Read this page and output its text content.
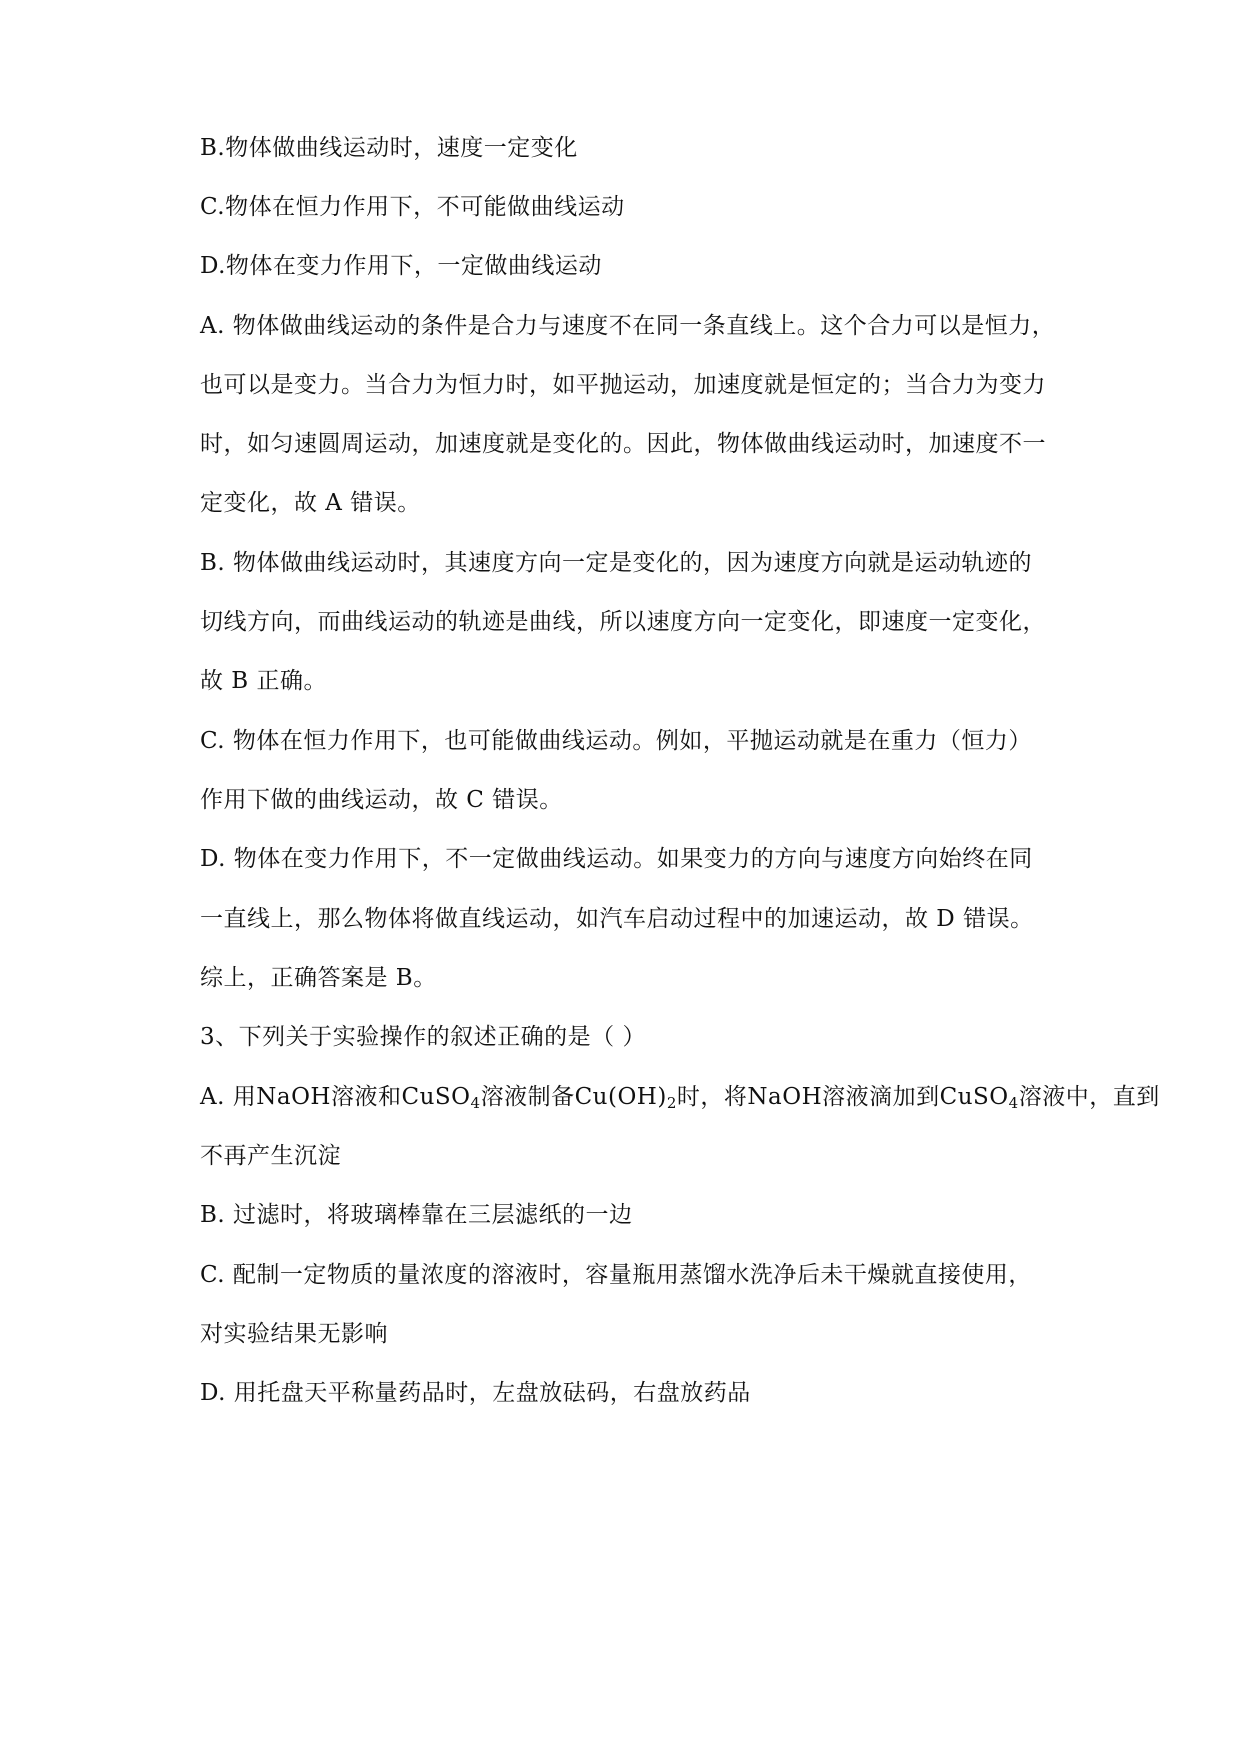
B.物体做曲线运动时，速度一定变化
C.物体在恒力作用下，不可能做曲线运动
D.物体在变力作用下，一定做曲线运动
A. 物体做曲线运动的条件是合力与速度不在同一条直线上。这个合力可以是恒力，
也可以是变力。当合力为恒力时，如平抛运动，加速度就是恒定的；当合力为变力
时，如匀速圆周运动，加速度就是变化的。因此，物体做曲线运动时，加速度不一
定变化，故 A 错误。
B. 物体做曲线运动时，其速度方向一定是变化的，因为速度方向就是运动轨迹的
切线方向，而曲线运动的轨迹是曲线，所以速度方向一定变化，即速度一定变化，
故 B 正确。
C. 物体在恒力作用下，也可能做曲线运动。例如，平抛运动就是在重力（恒力）
作用下做的曲线运动，故 C 错误。
D. 物体在变力作用下，不一定做曲线运动。如果变力的方向与速度方向始终在同
一直线上，那么物体将做直线运动，如汽车启动过程中的加速运动，故 D 错误。
综上，正确答案是 B。
3、下列关于实验操作的叙述正确的是（ ）
A. 用NaOH溶液和CuSO$_4$溶液制备$Cu(OH)_2$时，将NaOH溶液滴加到CuSO$_4$溶液中，直到
不再产生沉淀
B. 过滤时，将玻璃棒靠在三层滤纸的一边
C. 配制一定物质的量浓度的溶液时，容量瓶用蒸馏水洗净后未干燥就直接使用，
对实验结果无影响
D. 用托盘天平称量药品时，左盘放砝码，右盘放药品
